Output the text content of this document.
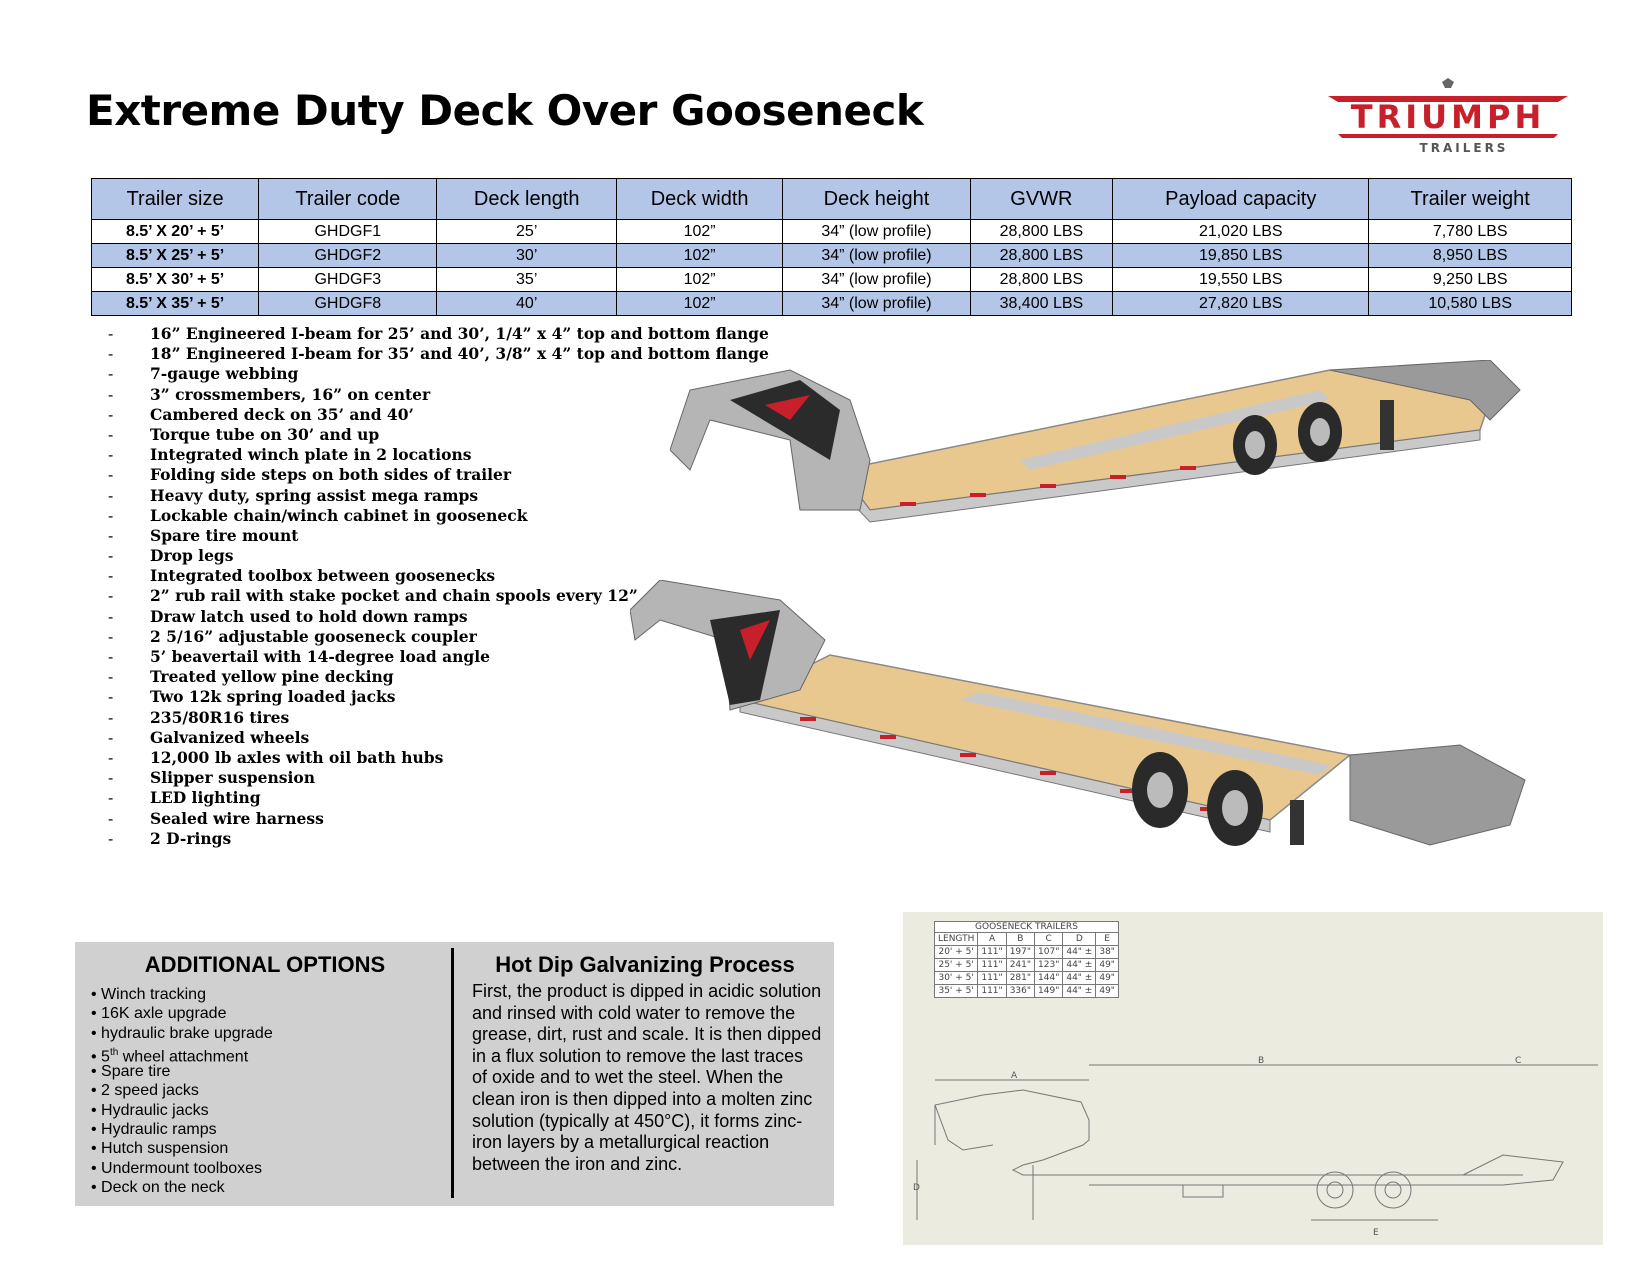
Extreme Duty Deck Over Gooseneck	TRIUMPH
TRAILERS
Trailer size	Trailer code	Deck length	Deck width	Deck height	GVWR	Payload capacity	Trailer weight
8.5’ X 20’ + 5’	GHDGF1	25’	102”	34” (low profile)	28,800 LBS	21,020 LBS	7,780 LBS
8.5’ X 25’ + 5’	GHDGF2	30’	102”	34” (low profile)	28,800 LBS	19,850 LBS	8,950 LBS
8.5’ X 30’ + 5’	GHDGF3	35’	102”	34” (low profile)	28,800 LBS	19,550 LBS	9,250 LBS
8.5’ X 35’ + 5’	GHDGF8	40’	102”	34” (low profile)	38,400 LBS	27,820 LBS	10,580 LBS
- 16” Engineered I-beam for 25’ and 30’, 1/4” x 4” top and bottom flange
- 18” Engineered I-beam for 35’ and 40’, 3/8” x 4” top and bottom flange
- 7-gauge webbing
- 3” crossmembers, 16” on center
- Cambered deck on 35’ and 40’
- Torque tube on 30’ and up
- Integrated winch plate in 2 locations
- Folding side steps on both sides of trailer
- Heavy duty, spring assist mega ramps
- Lockable chain/winch cabinet in gooseneck
- Spare tire mount
- Drop legs
- Integrated toolbox between goosenecks
- 2” rub rail with stake pocket and chain spools every 12”
- Draw latch used to hold down ramps
- 2 5/16” adjustable gooseneck coupler
- 5’ beavertail with 14-degree load angle
- Treated yellow pine decking
- Two 12k spring loaded jacks
- 235/80R16 tires
- Galvanized wheels
- 12,000 lb axles with oil bath hubs
- Slipper suspension
- LED lighting
- Sealed wire harness
- 2 D-rings
ADDITIONAL OPTIONS
• Winch tracking
• 16K axle upgrade
• hydraulic brake upgrade
• 5th wheel attachment
• Spare tire
• 2 speed jacks
• Hydraulic jacks
• Hydraulic ramps
• Hutch suspension
• Undermount toolboxes
• Deck on the neck
Hot Dip Galvanizing Process

First, the product is dipped in acidic solution and rinsed with cold water to remove the grease, dirt, rust and scale. It is then dipped in a flux solution to remove the last traces of oxide and to wet the steel. When the clean iron is then dipped into a molten zinc solution (typically at 450°C), it forms zinc-iron layers by a metallurgical reaction between the iron and zinc.

GOOSENECK TRAILERS
LENGTH	A	B	C	D	E
20' + 5'	111"	197"	107"	44" ±	38"
25' + 5'	111"	241"	123"	44" ±	49"
30' + 5'	111"	281"	144"	44" ±	49"
35' + 5'	111"	336"	149"	44" ±	49"
A
B	C
D
E
